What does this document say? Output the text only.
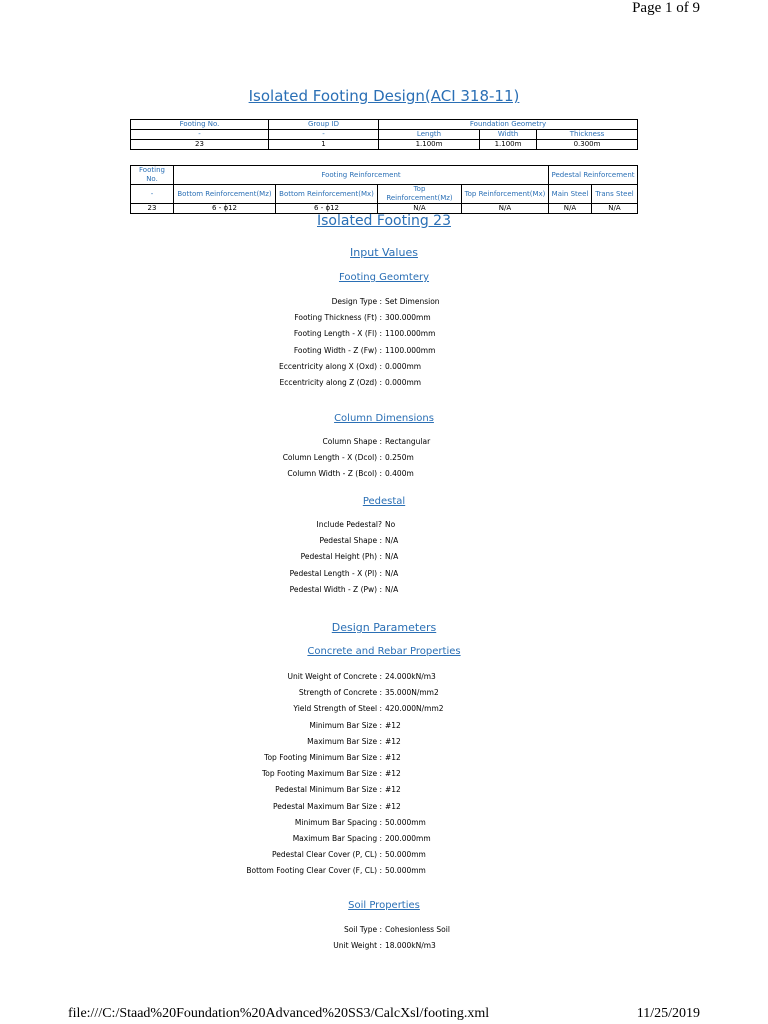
Page 1 of 9
file:///C:/Staad%20Foundation%20Advanced%20SS3/CalcXsl/footing.xml	11/25/2019
Isolated Footing Design(ACI 318-11)
Footing No.	Group ID	Foundation Geometry		
-	-	Length	Width	Thickness
23	1	1.100m	1.100m	0.300m
Footing No.	Footing Reinforcement				Pedestal Reinforcement	
-	Bottom Reinforcement(Mz)	Bottom Reinforcement(Mx)	Top Reinforcement(Mz)	Top Reinforcement(Mx)	Main Steel	Trans Steel
23	6 - ϕ12	6 - ϕ12	N/A	N/A	N/A	N/A
Isolated Footing 23
Input Values
Footing Geomtery
Design Type : Set Dimension
Footing Thickness (Ft) : 300.000mm
Footing Length - X (Fl) : 1100.000mm
Footing Width - Z (Fw) : 1100.000mm
Eccentricity along X (Oxd) : 0.000mm
Eccentricity along Z (Ozd) : 0.000mm
Column Dimensions
Column Shape : Rectangular
Column Length - X (Dcol) : 0.250m
Column Width - Z (Bcol) : 0.400m
Pedestal
Include Pedestal? No
Pedestal Shape : N/A
Pedestal Height (Ph) : N/A
Pedestal Length - X (Pl) : N/A
Pedestal Width - Z (Pw) : N/A
Design Parameters
Concrete and Rebar Properties
Unit Weight of Concrete : 24.000kN/m3
Strength of Concrete : 35.000N/mm2
Yield Strength of Steel : 420.000N/mm2
Minimum Bar Size : #12
Maximum Bar Size : #12
Top Footing Minimum Bar Size : #12
Top Footing Maximum Bar Size : #12
Pedestal Minimum Bar Size : #12
Pedestal Maximum Bar Size : #12
Minimum Bar Spacing : 50.000mm
Maximum Bar Spacing : 200.000mm
Pedestal Clear Cover (P, CL) : 50.000mm
Bottom Footing Clear Cover (F, CL) : 50.000mm
Soil Properties
Soil Type : Cohesionless Soil
Unit Weight : 18.000kN/m3
